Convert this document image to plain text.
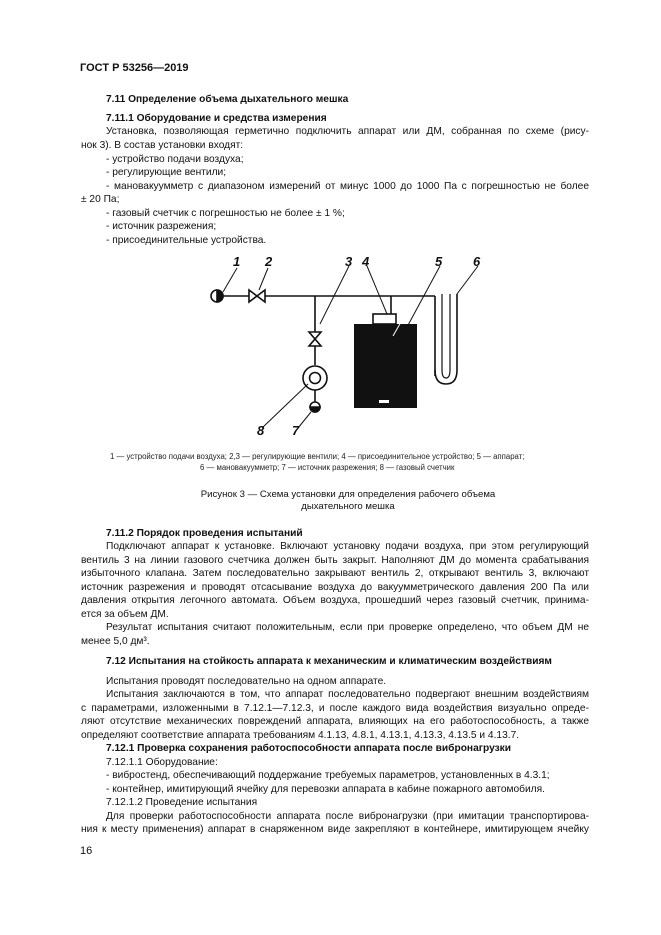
ГОСТ Р 53256—2019
7.11 Определение объема дыхательного мешка
7.11.1 Оборудование и средства измерения
Установка, позволяющая герметично подключить аппарат или ДМ, собранная по схеме (рису-
нок 3). В состав установки входят:
- устройство подачи воздуха;
- регулирующие вентили;
- мановакуумметр с диапазоном измерений от минус 1000 до 1000 Па с погрешностью не более
± 20 Па;
- газовый счетчик с погрешностью не более ± 1 %;
- источник разрежения;
- присоединительные устройства.
1 2	3 4	5 6
7
8
1 — устройство подачи воздуха; 2,3 — регулирующие вентили; 4 — присоединительное устройство; 5 — аппарат;
6 — мановакуумметр; 7 — источник разрежения; 8 — газовый счетчик
Рисунок 3 — Схема установки для определения рабочего объема
дыхательного мешка
7.11.2 Порядок проведения испытаний
Подключают аппарат к установке. Включают установку подачи воздуха, при этом регулирующий
вентиль 3 на линии газового счетчика должен быть закрыт. Наполняют ДМ до момента срабатывания
избыточного клапана. Затем последовательно закрывают вентиль 2, открывают вентиль 3, включают
источник разрежения и проводят отсасывание воздуха до вакуумметрического давления 200 Па или
давления открытия легочного автомата. Объем воздуха, прошедший через газовый счетчик, принима-
ется за объем ДМ.
Результат испытания считают положительным, если при проверке определено, что объем ДМ не
менее 5,0 дм³.
7.12 Испытания на стойкость аппарата к механическим и климатическим воздействиям
Испытания проводят последовательно на одном аппарате.
Испытания заключаются в том, что аппарат последовательно подвергают внешним воздействиям
с параметрами, изложенными в 7.12.1—7.12.3, и после каждого вида воздействия визуально опреде-
ляют отсутствие механических повреждений аппарата, влияющих на его работоспособность, а также
определяют соответствие аппарата требованиям 4.1.13, 4.8.1, 4.13.1, 4.13.3, 4.13.5 и 4.13.7.
7.12.1 Проверка сохранения работоспособности аппарата после вибронагрузки
7.12.1.1 Оборудование:
- вибростенд, обеспечивающий поддержание требуемых параметров, установленных в 4.3.1;
- контейнер, имитирующий ячейку для перевозки аппарата в кабине пожарного автомобиля.
7.12.1.2 Проведение испытания
Для проверки работоспособности аппарата после вибронагрузки (при имитации транспортирова-
ния к месту применения) аппарат в снаряженном виде закрепляют в контейнере, имитирующем ячейку
16
